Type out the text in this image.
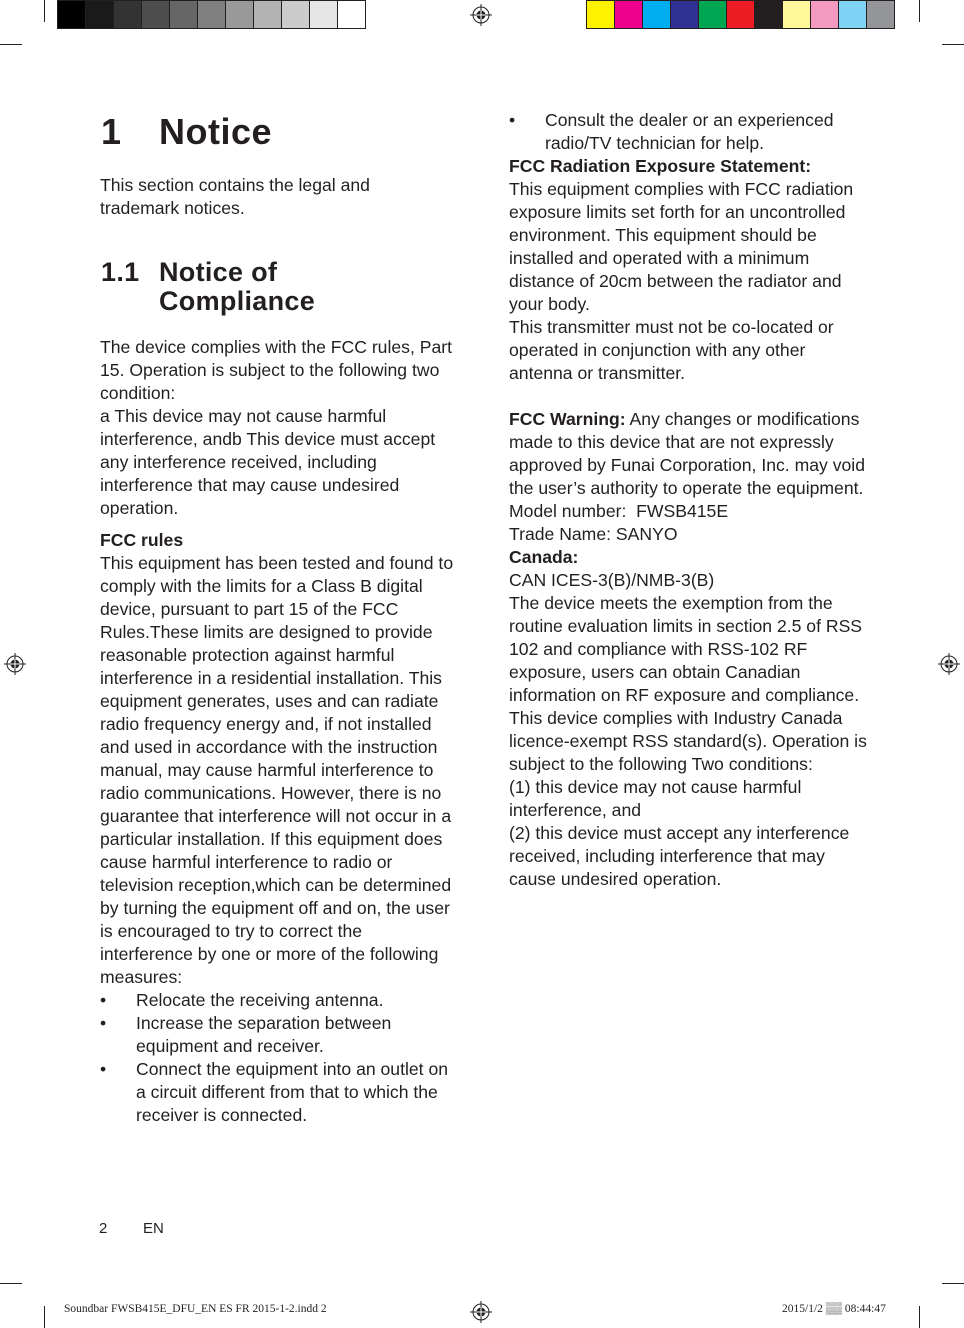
1 Notice

This section contains the legal and trademark notices.

1.1 Notice of
Compliance

The device complies with the FCC rules, Part 15. Operation is subject to the following two condition:

a This device may not cause harmful interference, andb This device must accept any interference received, including interference that may cause undesired operation.

FCC rules

This equipment has been tested and found to comply with the limits for a Class B digital device, pursuant to part 15 of the FCC Rules.These limits are designed to provide reasonable protection against harmful interference in a residential installation. This equipment generates, uses and can radiate radio frequency energy and, if not installed and used in accordance with the instruction manual, may cause harmful interference to radio communications. However, there is no guarantee that interference will not occur in a particular installation. If this equipment does cause harmful interference to radio or television reception,which can be determined by turning the equipment off and on, the user is encouraged to try to correct the interference by one or more of the following measures:

•	Relocate the receiving antenna.
•	Increase the separation between equipment and receiver.
•	Connect the equipment into an outlet on a circuit different from that to which the receiver is connected.
•	Consult the dealer or an experienced radio/TV technician for help.

FCC Radiation Exposure Statement:

This equipment complies with FCC radiation exposure limits set forth for an uncontrolled environment. This equipment should be installed and operated with a minimum distance of 20cm between the radiator and your body.

This transmitter must not be co-located or operated in conjunction with any other antenna or transmitter.

FCC Warning: Any changes or modifications made to this device that are not expressly approved by Funai Corporation, Inc. may void the user’s authority to operate the equipment.

Model number: FWSB415E

Trade Name: SANYO

Canada:

CAN ICES-3(B)/NMB-3(B)

The device meets the exemption from the routine evaluation limits in section 2.5 of RSS 102 and compliance with RSS-102 RF exposure, users can obtain Canadian information on RF exposure and compliance.

This device complies with Industry Canada licence-exempt RSS standard(s). Operation is subject to the following Two conditions:

(1) this device may not cause harmful interference, and

(2) this device must accept any interference received, including interference that may cause undesired operation.

2 EN
Soundbar FWSB415E_DFU_EN ES FR 2015-1-2.indd 2	2015/1/2 ▒▒ 08:44:47
